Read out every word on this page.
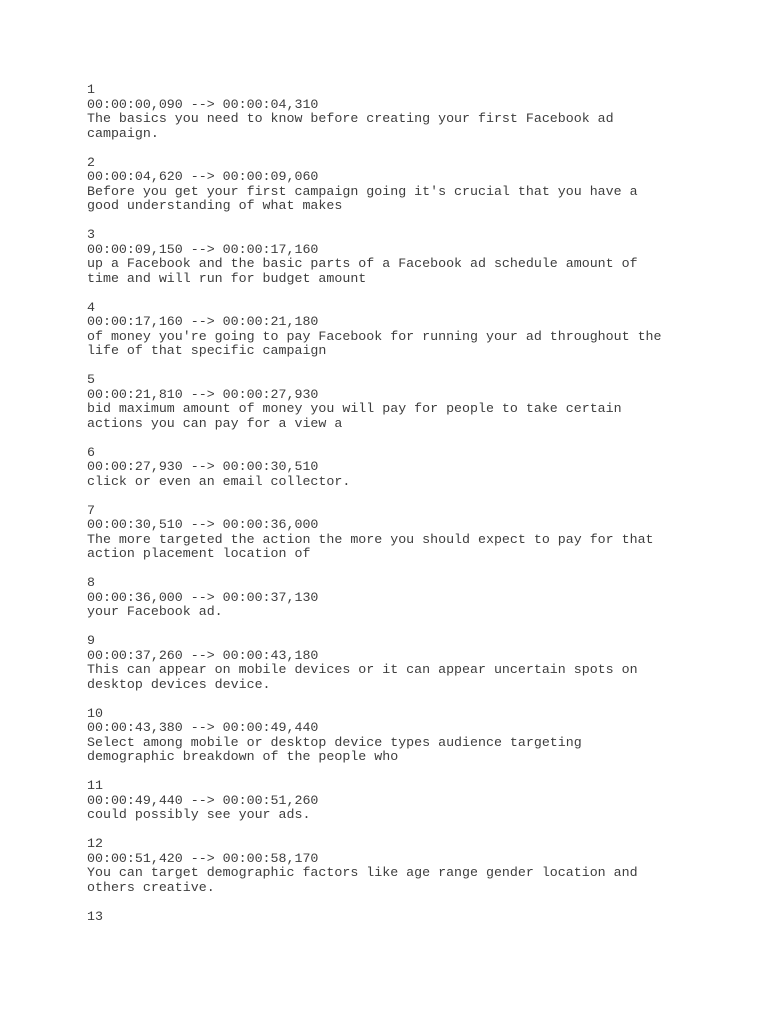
1
00:00:00,090 --> 00:00:04,310
The basics you need to know before creating your first Facebook ad
campaign.
2
00:00:04,620 --> 00:00:09,060
Before you get your first campaign going it's crucial that you have a
good understanding of what makes
3
00:00:09,150 --> 00:00:17,160
up a Facebook and the basic parts of a Facebook ad schedule amount of
time and will run for budget amount
4
00:00:17,160 --> 00:00:21,180
of money you're going to pay Facebook for running your ad throughout the
life of that specific campaign
5
00:00:21,810 --> 00:00:27,930
bid maximum amount of money you will pay for people to take certain
actions you can pay for a view a
6
00:00:27,930 --> 00:00:30,510
click or even an email collector.
7
00:00:30,510 --> 00:00:36,000
The more targeted the action the more you should expect to pay for that
action placement location of
8
00:00:36,000 --> 00:00:37,130
your Facebook ad.
9
00:00:37,260 --> 00:00:43,180
This can appear on mobile devices or it can appear uncertain spots on
desktop devices device.
10
00:00:43,380 --> 00:00:49,440
Select among mobile or desktop device types audience targeting
demographic breakdown of the people who
11
00:00:49,440 --> 00:00:51,260
could possibly see your ads.
12
00:00:51,420 --> 00:00:58,170
You can target demographic factors like age range gender location and
others creative.
13
